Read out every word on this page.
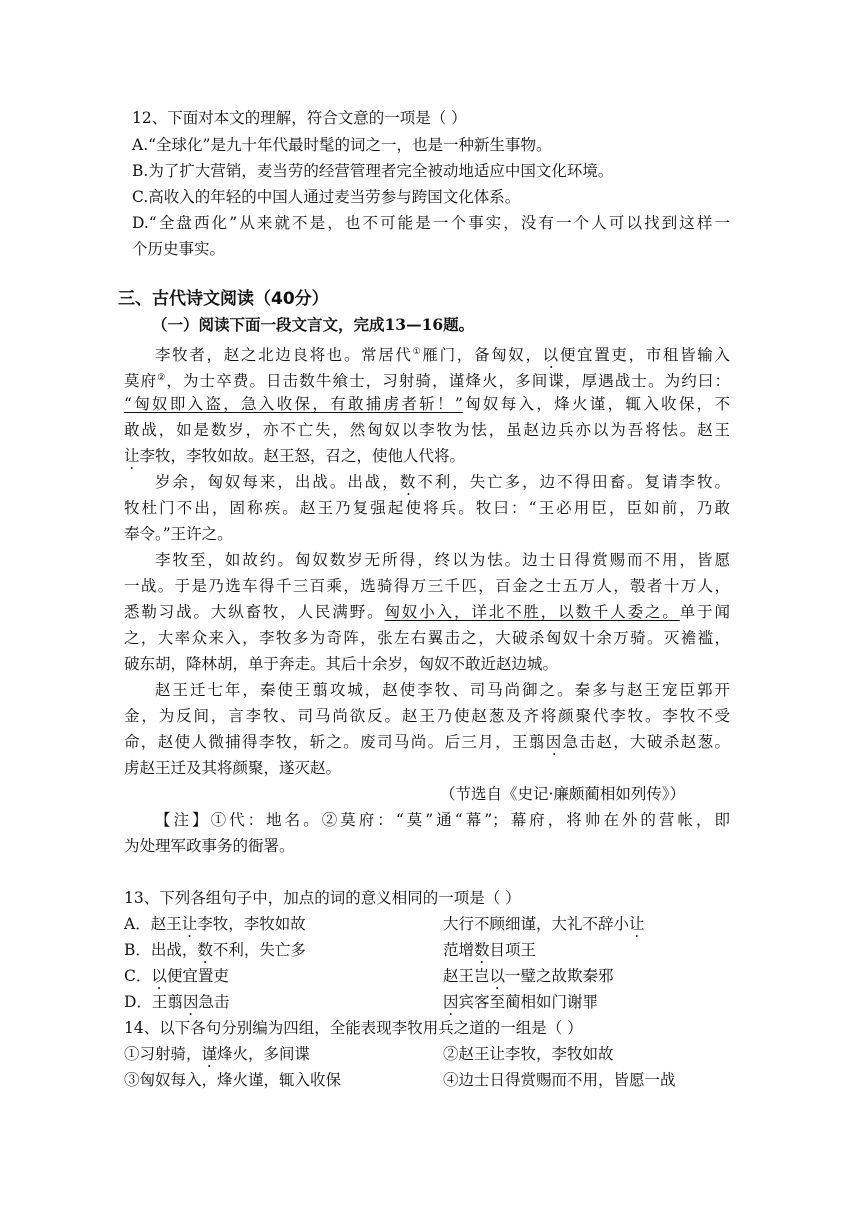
12、下面对本文的理解，符合文意的一项是（ ）
A.“全球化”是九十年代最时髦的词之一，也是一种新生事物。
B.为了扩大营销，麦当劳的经营管理者完全被动地适应中国文化环境。
C.高收入的年轻的中国人通过麦当劳参与跨国文化体系。
D.“全盘西化”从来就不是，也不可能是一个事实，没有一个人可以找到这样一
个历史事实。
三、古代诗文阅读（40分）
（一）阅读下面一段文言文，完成13—16题。
李牧者，赵之北边良将也。常居代①雁门，备匈奴，以便宜置吏，市租皆输入
莫府②，为士卒费。日击数牛飨士，习射骑，谨烽火，多间谍，厚遇战士。为约曰：
“匈奴即入盗，急入收保，有敢捕虏者斩！”匈奴每入，烽火谨，辄入收保，不
敢战，如是数岁，亦不亡失，然匈奴以李牧为怯，虽赵边兵亦以为吾将怯。赵王
让李牧，李牧如故。赵王怒，召之，使他人代将。
岁余，匈奴每来，出战。出战，数不利，失亡多，边不得田畜。复请李牧。
牧杜门不出，固称疾。赵王乃复强起使将兵。牧曰：“王必用臣，臣如前，乃敢
奉令。”王许之。
李牧至，如故约。匈奴数岁无所得，终以为怯。边士日得赏赐而不用，皆愿
一战。于是乃选车得千三百乘，选骑得万三千匹，百金之士五万人，彀者十万人，
悉勒习战。大纵畜牧，人民满野。匈奴小入，详北不胜，以数千人委之。单于闻
之，大率众来入，李牧多为奇阵，张左右翼击之，大破杀匈奴十余万骑。灭襜褴，
破东胡，降林胡，单于奔走。其后十余岁，匈奴不敢近赵边城。
赵王迁七年，秦使王翦攻城，赵使李牧、司马尚御之。秦多与赵王宠臣郭开
金，为反间，言李牧、司马尚欲反。赵王乃使赵葱及齐将颜聚代李牧。李牧不受
命，赵使人微捕得李牧，斩之。废司马尚。后三月，王翦因急击赵，大破杀赵葱。
虏赵王迁及其将颜聚，遂灭赵。
（节选自《史记·廉颇蔺相如列传》）
【注】①代：地名。②莫府：“莫”通“幕”；幕府，将帅在外的营帐，即
为处理军政事务的衙署。
13、下列各组句子中，加点的词的意义相同的一项是（ ）
A．赵王让李牧，李牧如故	大行不顾细谨，大礼不辞小让
B．出战，数不利，失亡多	范增数目项王
C．以便宜置吏	赵王岂以一璧之故欺秦邪
D．王翦因急击	因宾客至蔺相如门谢罪
14、以下各句分别编为四组，全能表现李牧用兵之道的一组是（ ）
①习射骑，谨烽火，多间谍	②赵王让李牧，李牧如故
③匈奴每入，烽火谨，辄入收保	④边士日得赏赐而不用，皆愿一战
